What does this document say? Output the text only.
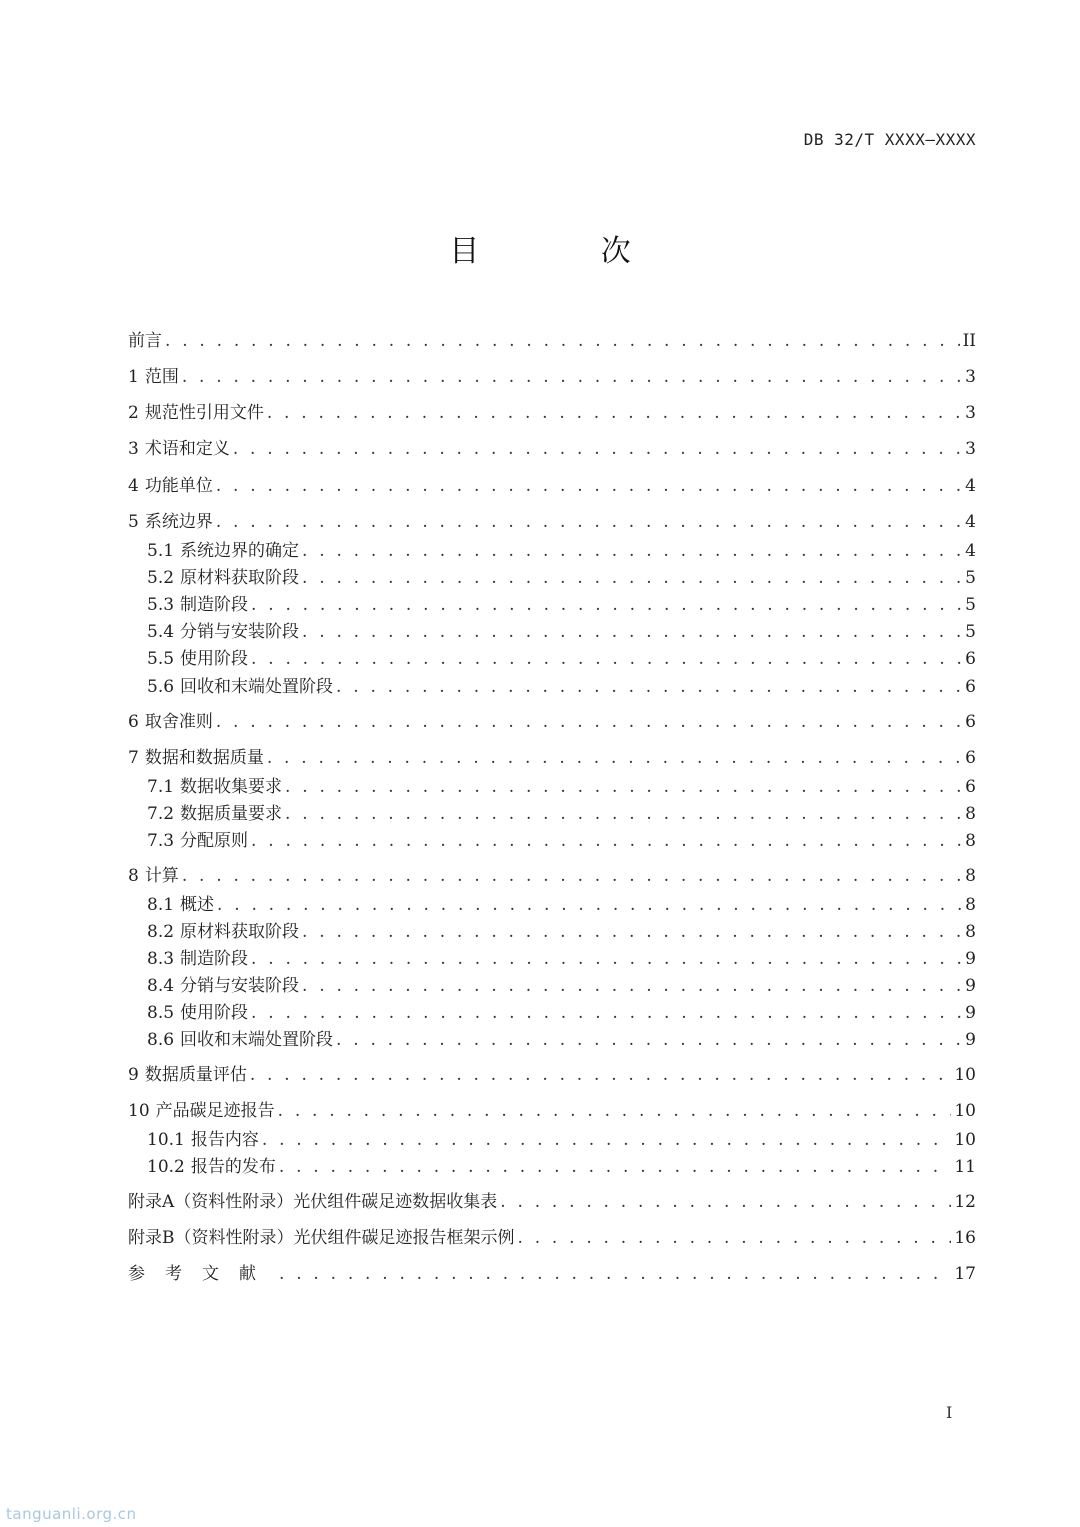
DB 32/T XXXX—XXXX
目 次
前言 . . .	II
1 范围 . . .	3
2 规范性引用文件 . . .	3
3 术语和定义 . . .	3
4 功能单位 . . .	4
5 系统边界 . . .	4
5.1 系统边界的确定 . . .	4
5.2 原材料获取阶段 . . .	5
5.3 制造阶段 . . .	5
5.4 分销与安装阶段 . . .	5
5.5 使用阶段 . . .	6
5.6 回收和末端处置阶段 . . .	6
6 取舍准则 . . .	6
7 数据和数据质量 . . .	6
7.1 数据收集要求 . . .	6
7.2 数据质量要求 . . .	8
7.3 分配原则 . . .	8
8 计算 . . .	8
8.1 概述 . . .	8
8.2 原材料获取阶段 . . .	8
8.3 制造阶段 . . .	9
8.4 分销与安装阶段 . . .	9
8.5 使用阶段 . . .	9
8.6 回收和末端处置阶段 . . .	9
9 数据质量评估 . . .	10
10 产品碳足迹报告 . . .	10
10.1 报告内容 . . .	10
10.2 报告的发布 . . .	11
附录A（资料性附录）光伏组件碳足迹数据收集表 . . .	12
附录B（资料性附录）光伏组件碳足迹报告框架示例 . . .	16
参考文献 . . .	17
I
tanguanli.org.cn
